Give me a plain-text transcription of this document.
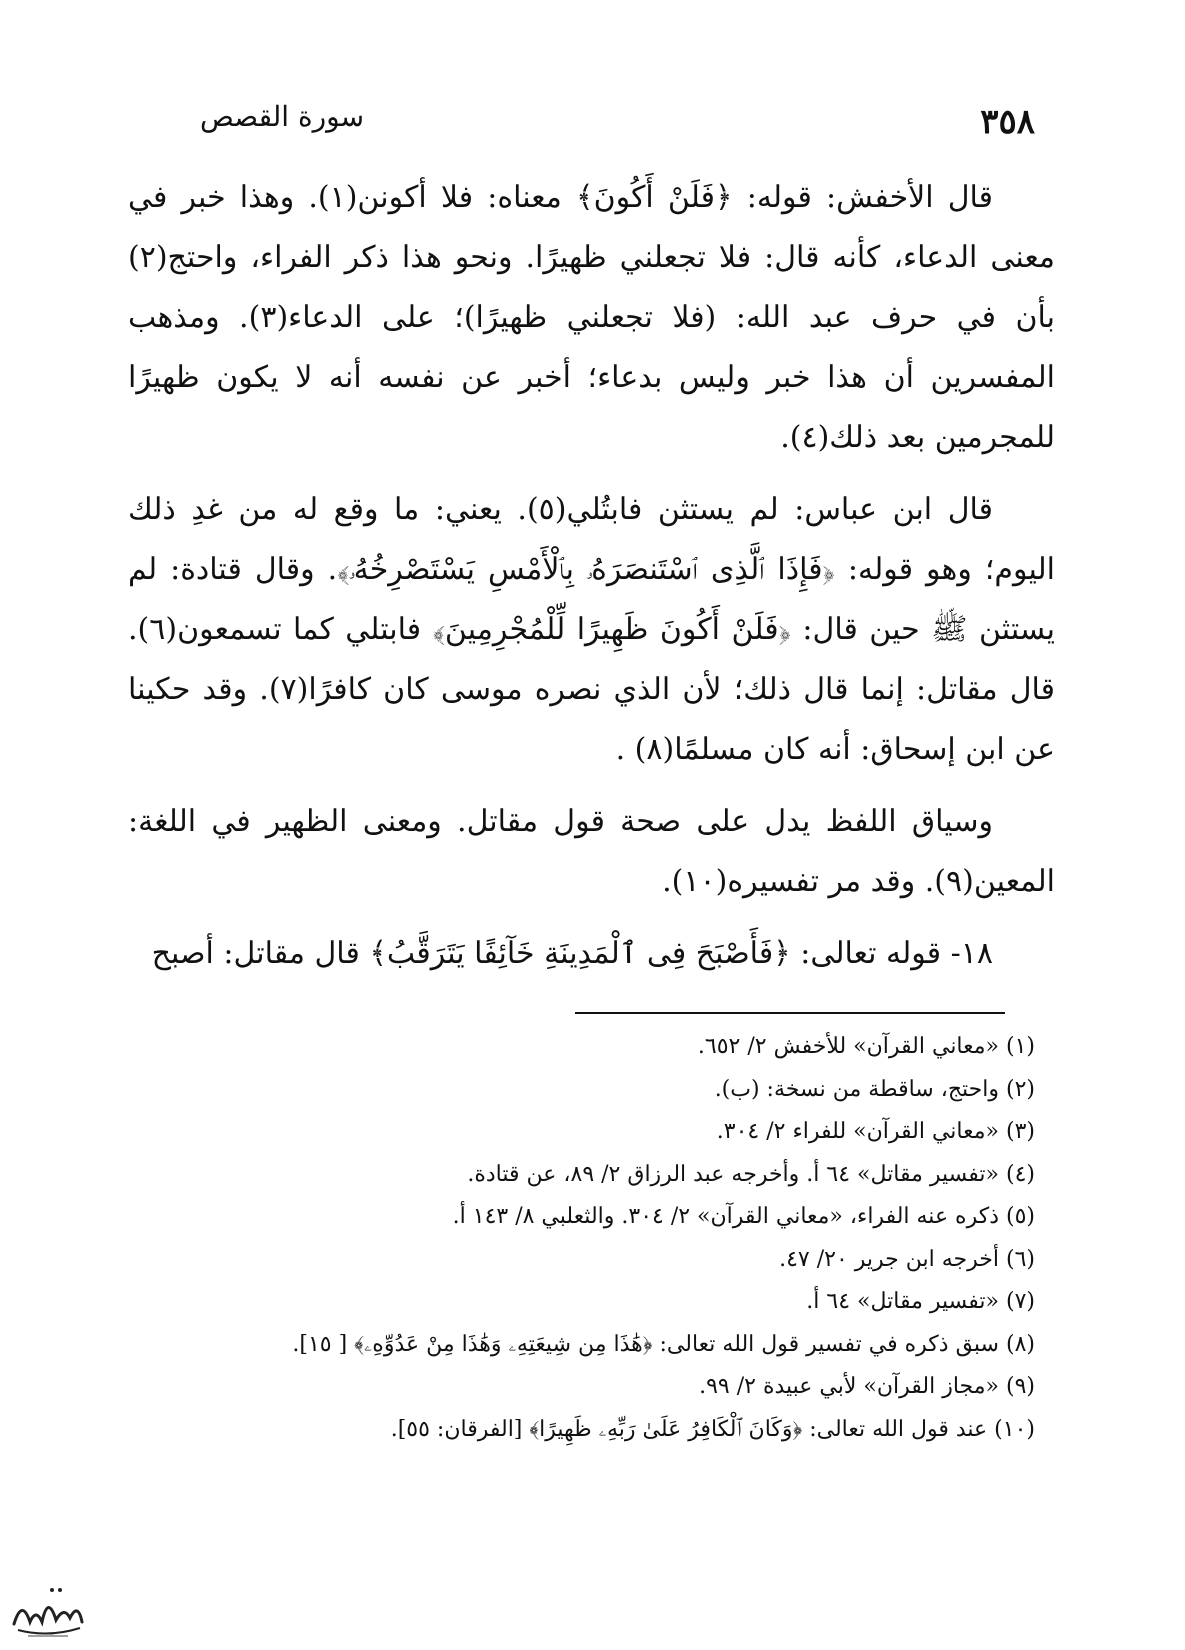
٣٥٨
سورة القصص

قال الأخفش: قوله: ﴿فَلَنْ أَكُونَ﴾ معناه: فلا أكونن(١). وهذا خبر في معنى الدعاء، كأنه قال: فلا تجعلني ظهيرًا. ونحو هذا ذكر الفراء، واحتج(٢) بأن في حرف عبد الله: (فلا تجعلني ظهيرًا)؛ على الدعاء(٣). ومذهب المفسرين أن هذا خبر وليس بدعاء؛ أخبر عن نفسه أنه لا يكون ظهيرًا للمجرمين بعد ذلك(٤).

قال ابن عباس: لم يستثن فابتُلي(٥). يعني: ما وقع له من غدِ ذلك اليوم؛ وهو قوله: ﴿فَإِذَا ٱلَّذِى ٱسْتَنصَرَهُۥ بِٱلْأَمْسِ يَسْتَصْرِخُهُۥ﴾. وقال قتادة: لم يستثن ﷺ حين قال: ﴿فَلَنْ أَكُونَ ظَهِيرًا لِّلْمُجْرِمِينَ﴾ فابتلي كما تسمعون(٦). قال مقاتل: إنما قال ذلك؛ لأن الذي نصره موسى كان كافرًا(٧). وقد حكينا عن ابن إسحاق: أنه كان مسلمًا(٨) .

وسياق اللفظ يدل على صحة قول مقاتل. ومعنى الظهير في اللغة: المعين(٩). وقد مر تفسيره(١٠).

١٨- قوله تعالى: ﴿فَأَصْبَحَ فِى ٱلْمَدِينَةِ خَآئِفًا يَتَرَقَّبُ﴾ قال مقاتل: أصبح

(١) «معاني القرآن» للأخفش ٢/ ٦٥٢.
(٢) واحتج، ساقطة من نسخة: (ب).
(٣) «معاني القرآن» للفراء ٢/ ٣٠٤.
(٤) «تفسير مقاتل» ٦٤ أ. وأخرجه عبد الرزاق ٢/ ٨٩، عن قتادة.
(٥) ذكره عنه الفراء، «معاني القرآن» ٢/ ٣٠٤. والثعلبي ٨/ ١٤٣ أ.
(٦) أخرجه ابن جرير ٢٠/ ٤٧.
(٧) «تفسير مقاتل» ٦٤ أ.
(٨) سبق ذكره في تفسير قول الله تعالى: ﴿هَٰذَا مِن شِيعَتِهِۦ وَهَٰذَا مِنْ عَدُوِّهِۦ﴾ [ ١٥].
(٩) «مجاز القرآن» لأبي عبيدة ٢/ ٩٩.
(١٠) عند قول الله تعالى: ﴿وَكَانَ ٱلْكَافِرُ عَلَىٰ رَبِّهِۦ ظَهِيرًا﴾ [الفرقان: ٥٥].
